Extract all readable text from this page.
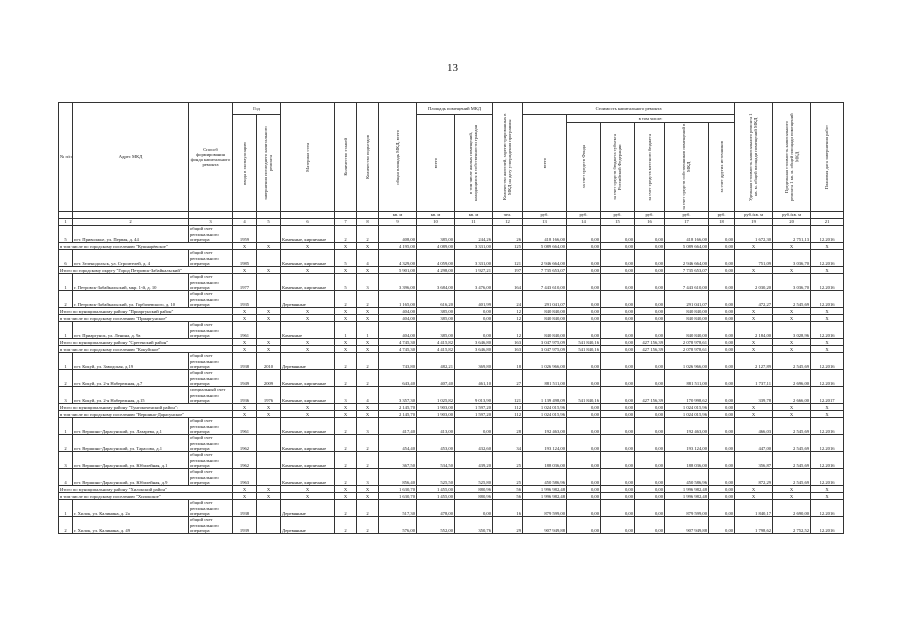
13
№ п/п	Адрес МКД	Способ формирования фонда капитального ремонта	Год		Материал стен	Количество этажей	Количество подъездов	общая площадь МКД, всего	Площадь помещений МКД		Количество жителей, зарегистрированных в МКД на дату утверждения программы	Стоимость капитального ремонта						Удельная стоимость капитального ремонта 1 кв. м. общей площади помещений МКД	Предельная стоимость капитального ремонта 1 кв. м. общей площади помещений МКД	Плановая дата завершения работ

			ввода в эксплуатацию	завершения последнего капитального ремонта					всего	в том числе жилых помещений, находящихся в собственности граждан		всего	в том числе:							

													за счет средств Фонда	за счет средств бюджета субъекта Российской Федерации	за счет средств местного бюджета	за счет средств собственников помещений в МКД	за счет других источников			

								кв. м	кв. м	кв. м	чел.	руб.	руб.	руб.	руб.	руб.	руб.	руб./кв. м	руб./кв. м	
1	2	3	4	5	6	7	8	9	10	11	12	13	14	15	16	17	18	19	20	21
5	пгт. Приволжье, ул. Первая, д. 44	общий счет регионального оператора	1959		Каменные, кирпичные	2	2	408,00	385,00	244,26	26	418 166,00	0,00	0,00	0,00	418 166,00	0,00	1 672,30	2 751,13	12.2016
в том числе по городскому поселению "Кушнарёвское"			X	X	X	X	X	4 195,00	4 089,00	3 331,00	125	5 089 664,00	0,00	0,00	0,00	5 089 664,00	0,00	X	X	X
6	пгт. Зеленодольск, ул. Строителей, д. 4	общий счет регионального оператора	1985		Каменные, кирпичные	5	4	4 329,00	4 059,00	3 331,00	121	2 946 664,00	0,00	0,00	0,00	2 946 664,00	0,00	751,09	3 036,70	12.2016
Итого по городскому округу "Город Петровск-Забайкальский"			X	X	X	X	X	5 901,00	4 298,00	1 927,21	197	7 735 653,07	0,00	0,00	0,00	7 735 653,07	0,00	X	X	X
1	г. Петровск-Забайкальский, мкр. 1-й, д. 10	общий счет регионального оператора	1977		Каменные, кирпичные	5	3	3 396,00	3 684,00	3 476,00	164	7 443 610,00	0,00	0,00	0,00	7 443 610,00	0,00	2 030,20	3 036,70	12.2016
2	г. Петровск-Забайкальский, ул. Горбачевского, д. 10	общий счет регионального оператора	1935		Деревянные	2	2	1 165,00	616,20	401,99	24	291 041,07	0,00	0,00	0,00	291 041,07	0,00	472,27	2 545,69	12.2016
Итого по муниципальному району "Приаргунский район"			X	X	X	X	X	404,00	385,00	0,00	12	840 840,00	0,00	0,00	0,00	840 840,00	0,00	X	X	X
в том числе по городскому поселению "Приаргунское"			X	X	X	X	X	404,00	385,00	0,00	12	840 840,00	0,00	0,00	0,00	840 840,00	0,00	X	X	X
1	пгт. Приаргунск, ул. Ленина, д. 9а	общий счет регионального оператора	1961		Каменные	1	1	404,00	385,00	0,00	12	840 840,00	0,00	0,00	0,00	840 840,00	0,00	2 184,00	3 028,96	12.2016
Итого по муниципальному району "Сретенский район"			X	X	X	X	X	4 745,30	4 415,82	3 646,80	163	3 047 975,09	541 840,16	0,00	427 156,39	2 078 978,61	0,00	X	X	X
в том числе по городскому поселению "Кокуйское"			X	X	X	X	X	4 745,30	4 415,82	3 646,80	163	3 047 975,09	541 840,16	0,00	427 156,39	2 078 978,61	0,00	X	X	X
1	пгт. Кокуй, ул. Заводская, д.19	общий счет регионального оператора	1938	2010	Деревянные	2	2	743,80	482,21	369,80	18	1 026 966,00	0,00	0,00	0,00	1 026 966,00	0,00	2 127,89	2 545,69	12.2016
2	пгт. Кокуй, ул. 2-я Набережная, д.7	общий счет регионального оператора	1949	2009	Каменные, кирпичные	2	2	643,40	407,40	461,10	27	881 511,00	0,00	0,00	0,00	881 511,00	0,00	1 737,11	2 696,00	12.2016
3	пгт. Кокуй, ул. 2-я Набережная, д.15	специальный счет регионального оператора	1936	1976	Каменные, кирпичные	3	4	3 357,30	1 025,82	9 013,90	121	1 139 498,09	541 840,16	0,00	427 156,39	170 998,62	0,00	339,78	2 666,00	12.2017
Итого по муниципальному району "Тунгокоченский район":			X	X	X	X	X	2 145,70	1 903,00	1 597,20	112	1 024 015,96	0,00	0,00	0,00	1 024 015,96	0,00	X	X	X
в том числе по городскому поселению "Вершино-Дарасунское"			X	X	X	X	X	2 145,70	1 903,00	1 597,20	112	1 024 015,96	0,00	0,00	0,00	1 024 015,96	0,00	X	X	X
1	пгт. Вершино-Дарасунский, ул. Лазарева, д.1	общий счет регионального оператора	1961		Каменные, кирпичные	2	3	417,40	413,00	0,00	28	192 463,00	0,00	0,00	0,00	192 463,00	0,00	466,03	2 545,69	12.2016
2	пгт. Вершино-Дарасунский, ул. Тарасова, д.1	общий счет регионального оператора	1962		Каменные, кирпичные	2	2	454,40	453,00	432,60	34	193 124,00	0,00	0,00	0,00	193 124,00	0,00	447,00	2 545,69	12.2016
3	пгт. Вершино-Дарасунский, ул. Юбилейная, д.1	общий счет регионального оператора	1962		Каменные, кирпичные	2	2	367,50	534,50	439,20	25	188 036,00	0,00	0,00	0,00	188 036,00	0,00	356,87	2 545,69	12.2016
4	пгт. Вершино-Дарасунский, ул. Юбилейная, д.9	общий счет регионального оператора	1963		Каменные, кирпичные	2	3	856,40	525,50	525,80	25	450 586,96	0,00	0,00	0,00	450 586,96	0,00	872,29	2 545,69	12.2016
Итого по муниципальному району "Хилокский район"			X	X	X	X	X	1 630,70	1 455,00	880,96	56	1 996 982,48	0,00	0,00	0,00	1 996 982,48	0,00	X	X	X
в том числе по городскому поселению "Хилокское"			X	X	X	X	X	1 630,70	1 455,00	880,96	56	1 996 982,48	0,00	0,00	0,00	1 996 982,48	0,00	X	X	X
1	г. Хилок, ул. Калинина, д. 2а	общий счет регионального оператора	1938		Деревянные	2	2	517,30	478,00	0,00	16	879 599,00	0,00	0,00	0,00	879 599,00	0,00	1 840,17	2 690,00	12.2016
2	г. Хилок, ул. Калинина, д. 49	общий счет регионального оператора	1939		Деревянные	2	2	576,00	552,00	350,76	29	907 949,88	0,00	0,00	0,00	907 949,88	0,00	1 798,62	2 752,52	12.2016
